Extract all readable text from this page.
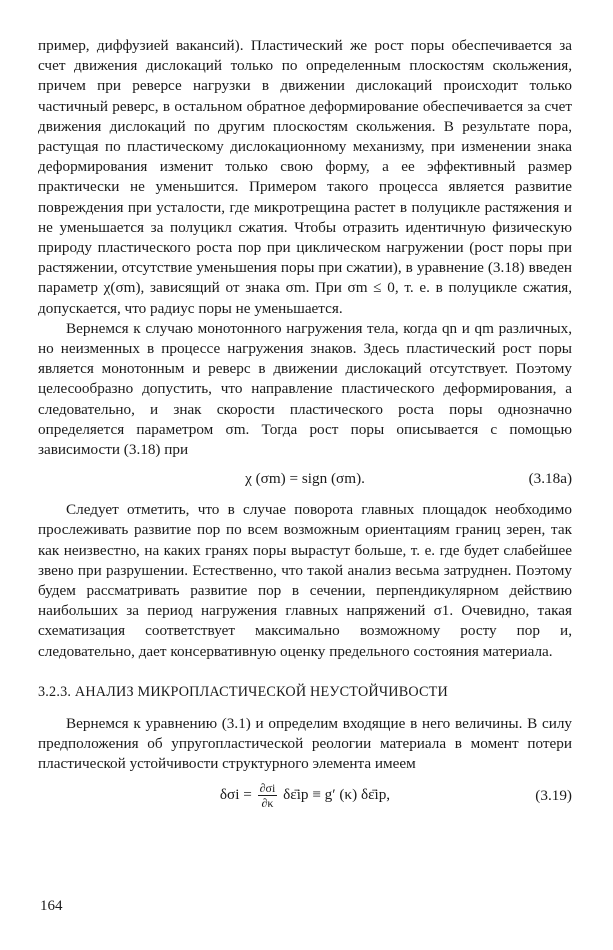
пример, диффузией вакансий). Пластический же рост поры обеспечивается за счет движения дислокаций только по определенным плоскостям скольжения, причем при реверсе нагрузки в движении дислокаций происходит только частичный реверс, в остальном обратное деформирование обеспечивается за счет движения дислокаций по другим плоскостям скольжения. В результате пора, растущая по пластическому дислокационному механизму, при изменении знака деформирования изменит только свою форму, а ее эффективный размер практически не уменьшится. Примером такого процесса является развитие повреждения при усталости, где микротрещина растет в полуцикле растяжения и не уменьшается за полуцикл сжатия. Чтобы отразить идентичную физическую природу пластического роста пор при циклическом нагружении (рост поры при растяжении, отсутствие уменьшения поры при сжатии), в уравнение (3.18) введен параметр χ(σm), зависящий от знака σm. При σm ≤ 0, т. е. в полуцикле сжатия, допускается, что радиус поры не уменьшается.

Вернемся к случаю монотонного нагружения тела, когда qn и qm различных, но неизменных в процессе нагружения знаков. Здесь пластический рост поры является монотонным и реверс в движении дислокаций отсутствует. Поэтому целесообразно допустить, что направление пластического деформирования, а следовательно, и знак скорости пластического роста поры однозначно определяется параметром σm. Тогда рост поры описывается с помощью зависимости (3.18) при

χ (σm) = sign (σm).	(3.18a)

Следует отметить, что в случае поворота главных площадок необходимо прослеживать развитие пор по всем возможным ориентациям границ зерен, так как неизвестно, на каких гранях поры вырастут больше, т. е. где будет слабейшее звено при разрушении. Естественно, что такой анализ весьма затруднен. Поэтому будем рассматривать развитие пор в сечении, перпендикулярном действию наибольших за период нагружения главных напряжений σ1. Очевидно, такая схематизация соответствует максимально возможному росту пор и, следовательно, дает консервативную оценку предельного состояния материала.

3.2.3. АНАЛИЗ МИКРОПЛАСТИЧЕСКОЙ НЕУСТОЙЧИВОСТИ

Вернемся к уравнению (3.1) и определим входящие в него величины. В силу предположения об упругопластической реологии материала в момент потери пластической устойчивости структурного элемента имеем

$\delta\sigma i = \frac{\partial\sigma i}{\partial\kappa}$ δε̄ip ≡ g′ (κ) δε̄ip,	(3.19)
164
